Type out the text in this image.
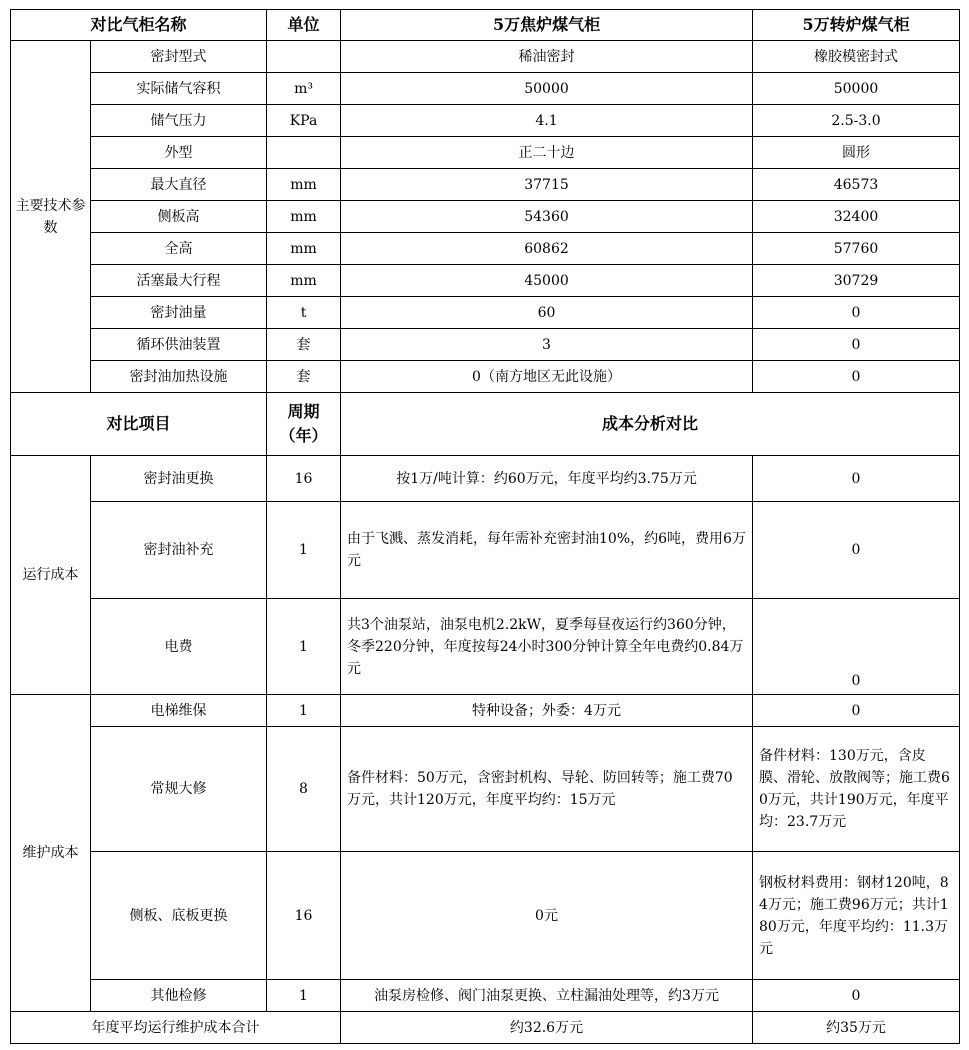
对比气柜名称		单位	5万焦炉煤气柜	5万转炉煤气柜
主要技术参数	密封型式		稀油密封	橡胶模密封式
	实际储气容积	m³	50000	50000
	储气压力	KPa	4.1	2.5-3.0
	外型		正二十边	圆形
	最大直径	mm	37715	46573
	侧板高	mm	54360	32400
	全高	mm	60862	57760
	活塞最大行程	mm	45000	30729
	密封油量	t	60	0
	循环供油装置	套	3	0
	密封油加热设施	套	0（南方地区无此设施）	0
对比项目		周期（年）	成本分析对比	
运行成本	密封油更换	16	按1万/吨计算：约60万元，年度平均约3.75万元	0
	密封油补充	1	由于飞溅、蒸发消耗，每年需补充密封油10%，约6吨，费用6万元	0
	电费	1	共3个油泵站，油泵电机2.2kW，夏季每昼夜运行约360分钟，冬季220分钟，年度按每24小时300分钟计算全年电费约0.84万元	0
维护成本	电梯维保	1	特种设备；外委：4万元	0
	常规大修	8	备件材料：50万元，含密封机构、导轮、防回转等；施工费70万元，共计120万元，年度平均约：15万元	备件材料：130万元，含皮膜、滑轮、放散阀等；施工费60万元，共计190万元，年度平均：23.7万元
	侧板、底板更换	16	0元	钢板材料费用：钢材120吨，84万元；施工费96万元；共计180万元，年度平均约：11.3万元
	其他检修	1	油泵房检修、阀门油泵更换、立柱漏油处理等，约3万元	0
年度平均运行维护成本合计			约32.6万元	约35万元
